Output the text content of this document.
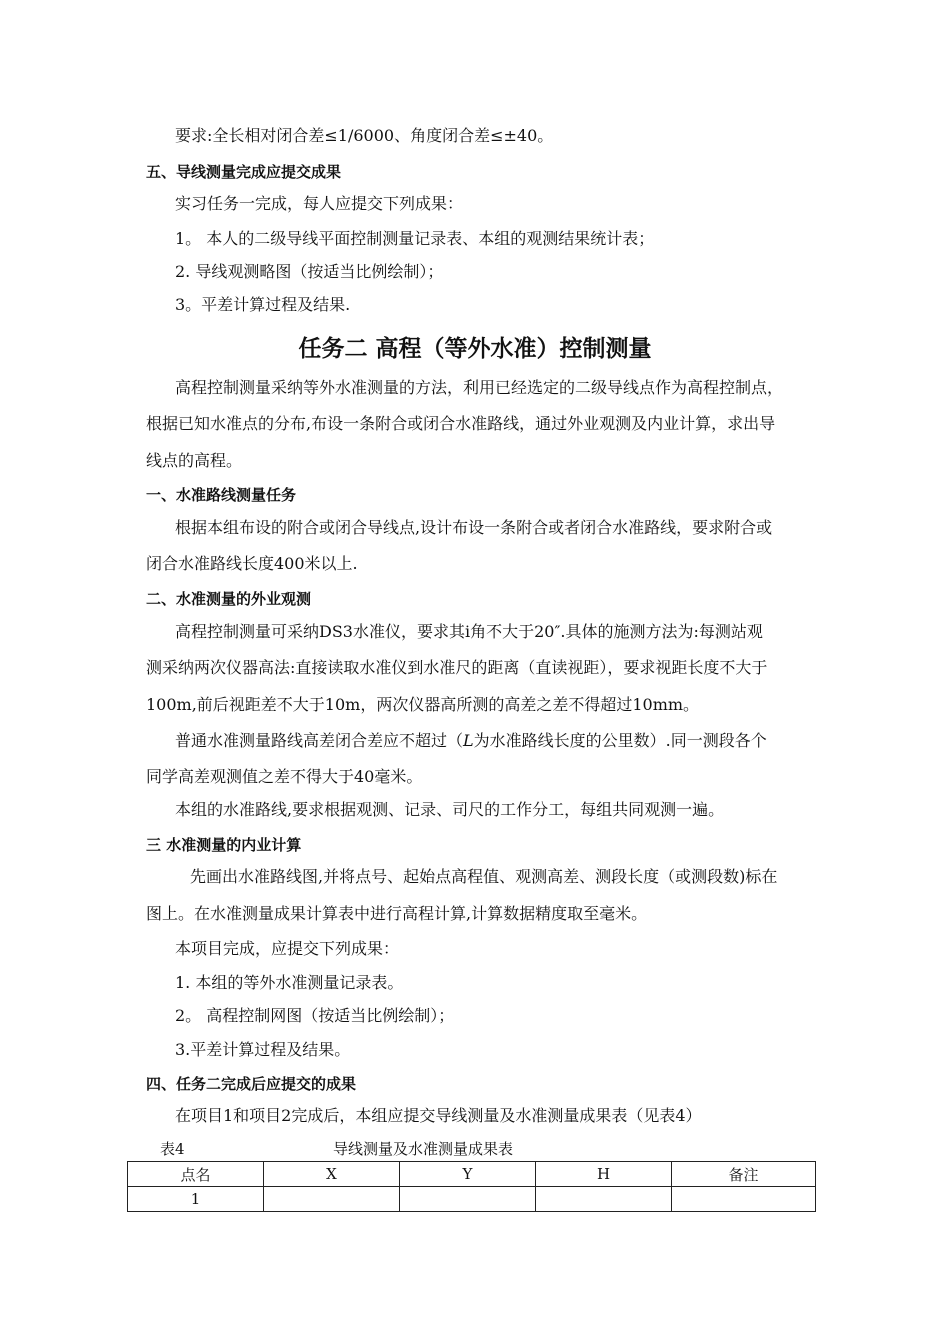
要求:全长相对闭合差≤1/6000、角度闭合差≤±40。
五、导线测量完成应提交成果
实习任务一完成，每人应提交下列成果：
1。 本人的二级导线平面控制测量记录表、本组的观测结果统计表；
2. 导线观测略图（按适当比例绘制）；
3。平差计算过程及结果.
任务二 高程（等外水准）控制测量
高程控制测量采纳等外水准测量的方法，利用已经选定的二级导线点作为高程控制点，
根据已知水准点的分布,布设一条附合或闭合水准路线，通过外业观测及内业计算，求出导
线点的高程。
一、水准路线测量任务
根据本组布设的附合或闭合导线点,设计布设一条附合或者闭合水准路线，要求附合或
闭合水准路线长度400米以上.
二、水准测量的外业观测
高程控制测量可采纳DS3水准仪，要求其i角不大于20″.具体的施测方法为:每测站观
测采纳两次仪器高法:直接读取水准仪到水准尺的距离（直读视距），要求视距长度不大于
100m,前后视距差不大于10m，两次仪器高所测的高差之差不得超过10mm。
普通水准测量路线高差闭合差应不超过（L为水准路线长度的公里数）.同一测段各个
同学高差观测值之差不得大于40毫米。
本组的水准路线,要求根据观测、记录、司尺的工作分工，每组共同观测一遍。
三 水准测量的内业计算
先画出水准路线图,并将点号、起始点高程值、观测高差、测段长度（或测段数)标在
图上。在水准测量成果计算表中进行高程计算,计算数据精度取至毫米。
本项目完成，应提交下列成果：
1. 本组的等外水准测量记录表。
2。 高程控制网图（按适当比例绘制）；
3.平差计算过程及结果。
四、任务二完成后应提交的成果
在项目1和项目2完成后，本组应提交导线测量及水准测量成果表（见表4）
表4	导线测量及水准测量成果表
点名	X	Y	H	备注
1				
